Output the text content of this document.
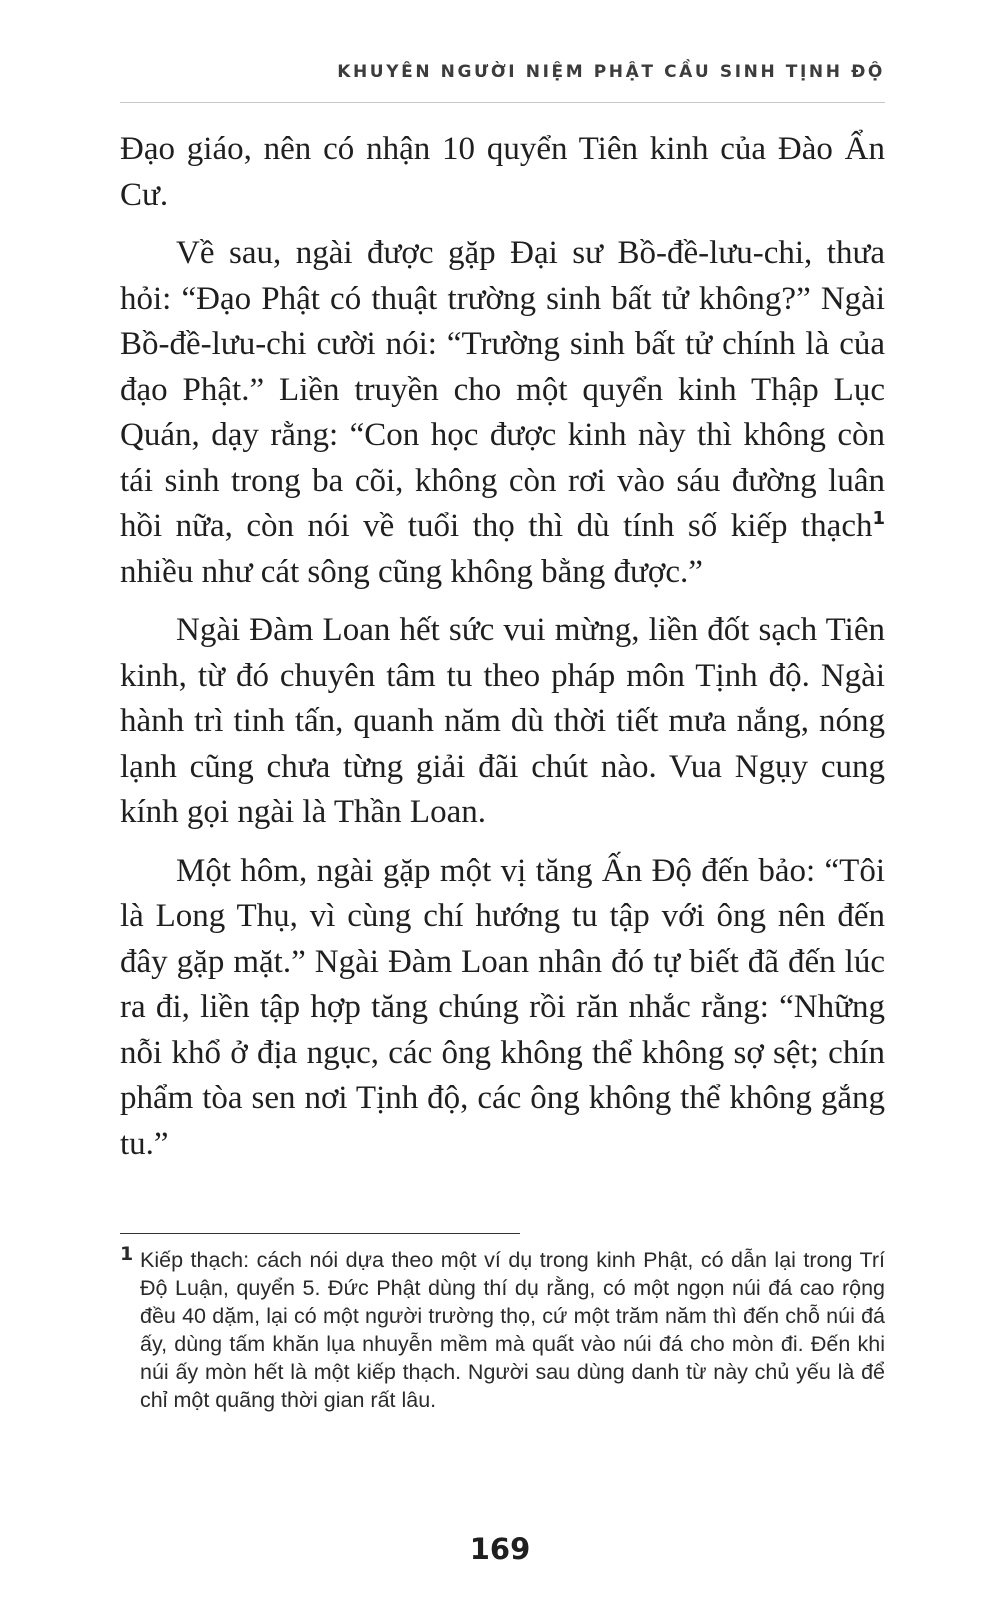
KHUYÊN NGƯỜI NIỆM PHẬT CẦU SINH TỊNH ĐỘ

Đạo giáo, nên có nhận 10 quyển Tiên kinh của Đào Ẩn Cư.

Về sau, ngài được gặp Đại sư Bồ-đề-lưu-chi, thưa hỏi: “Đạo Phật có thuật trường sinh bất tử không?” Ngài Bồ-đề-lưu-chi cười nói: “Trường sinh bất tử chính là của đạo Phật.” Liền truyền cho một quyển kinh Thập Lục Quán, dạy rằng: “Con học được kinh này thì không còn tái sinh trong ba cõi, không còn rơi vào sáu đường luân hồi nữa, còn nói về tuổi thọ thì dù tính số kiếp thạch$^1$ nhiều như cát sông cũng không bằng được.”

Ngài Đàm Loan hết sức vui mừng, liền đốt sạch Tiên kinh, từ đó chuyên tâm tu theo pháp môn Tịnh độ. Ngài hành trì tinh tấn, quanh năm dù thời tiết mưa nắng, nóng lạnh cũng chưa từng giải đãi chút nào. Vua Ngụy cung kính gọi ngài là Thần Loan.

Một hôm, ngài gặp một vị tăng Ấn Độ đến bảo: “Tôi là Long Thụ, vì cùng chí hướng tu tập với ông nên đến đây gặp mặt.” Ngài Đàm Loan nhân đó tự biết đã đến lúc ra đi, liền tập hợp tăng chúng rồi răn nhắc rằng: “Những nỗi khổ ở địa ngục, các ông không thể không sợ sệt; chín phẩm tòa sen nơi Tịnh độ, các ông không thể không gắng tu.”

1 Kiếp thạch: cách nói dựa theo một ví dụ trong kinh Phật, có dẫn lại trong Trí Độ Luận, quyển 5. Đức Phật dùng thí dụ rằng, có một ngọn núi đá cao rộng đều 40 dặm, lại có một người trường thọ, cứ một trăm năm thì đến chỗ núi đá ấy, dùng tấm khăn lụa nhuyễn mềm mà quất vào núi đá cho mòn đi. Đến khi núi ấy mòn hết là một kiếp thạch. Người sau dùng danh từ này chủ yếu là để chỉ một quãng thời gian rất lâu.
169
